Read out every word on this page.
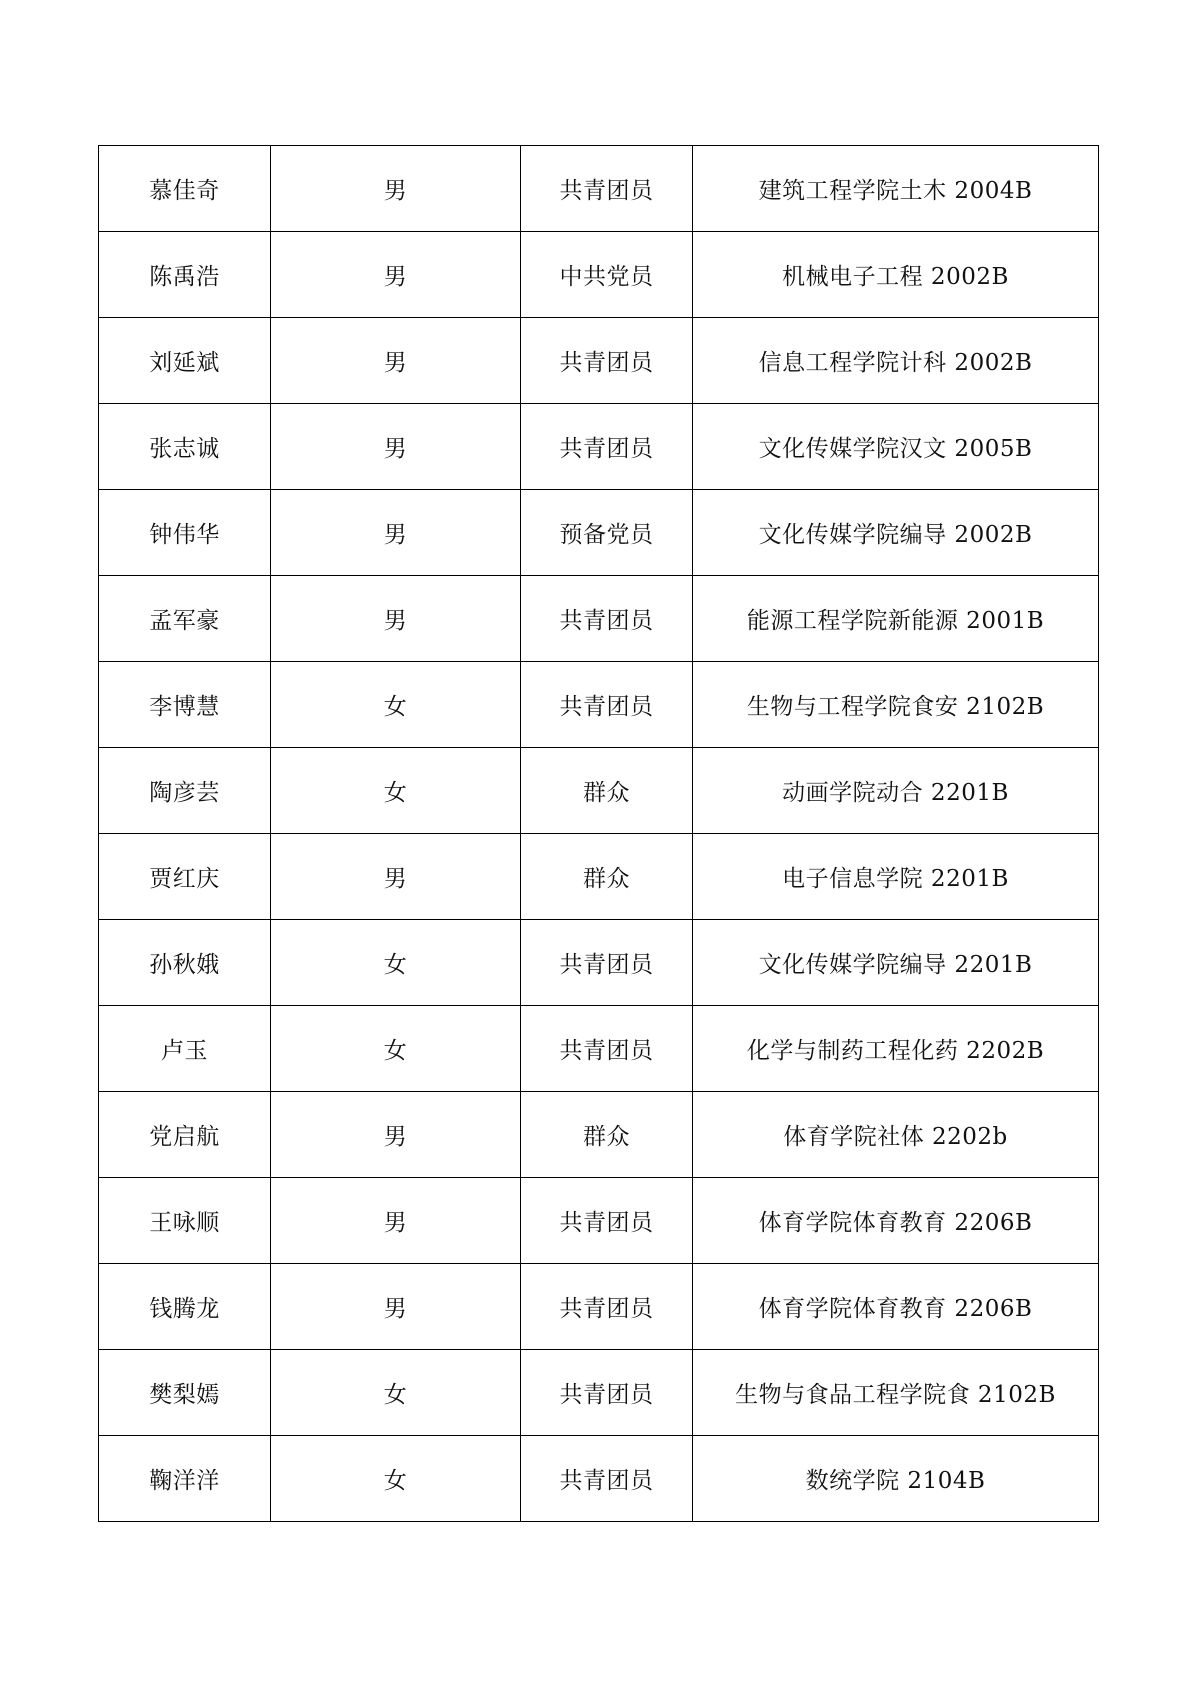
慕佳奇	男	共青团员	建筑工程学院土木 2004B
陈禹浩	男	中共党员	机械电子工程 2002B
刘延斌	男	共青团员	信息工程学院计科 2002B
张志诚	男	共青团员	文化传媒学院汉文 2005B
钟伟华	男	预备党员	文化传媒学院编导 2002B
孟军豪	男	共青团员	能源工程学院新能源 2001B
李博慧	女	共青团员	生物与工程学院食安 2102B
陶彦芸	女	群众	动画学院动合 2201B
贾红庆	男	群众	电子信息学院 2201B
孙秋娥	女	共青团员	文化传媒学院编导 2201B
卢玉	女	共青团员	化学与制药工程化药 2202B
党启航	男	群众	体育学院社体 2202b
王咏顺	男	共青团员	体育学院体育教育 2206B
钱腾龙	男	共青团员	体育学院体育教育 2206B
樊梨嫣	女	共青团员	生物与食品工程学院食 2102B
鞠洋洋	女	共青团员	数统学院 2104B
